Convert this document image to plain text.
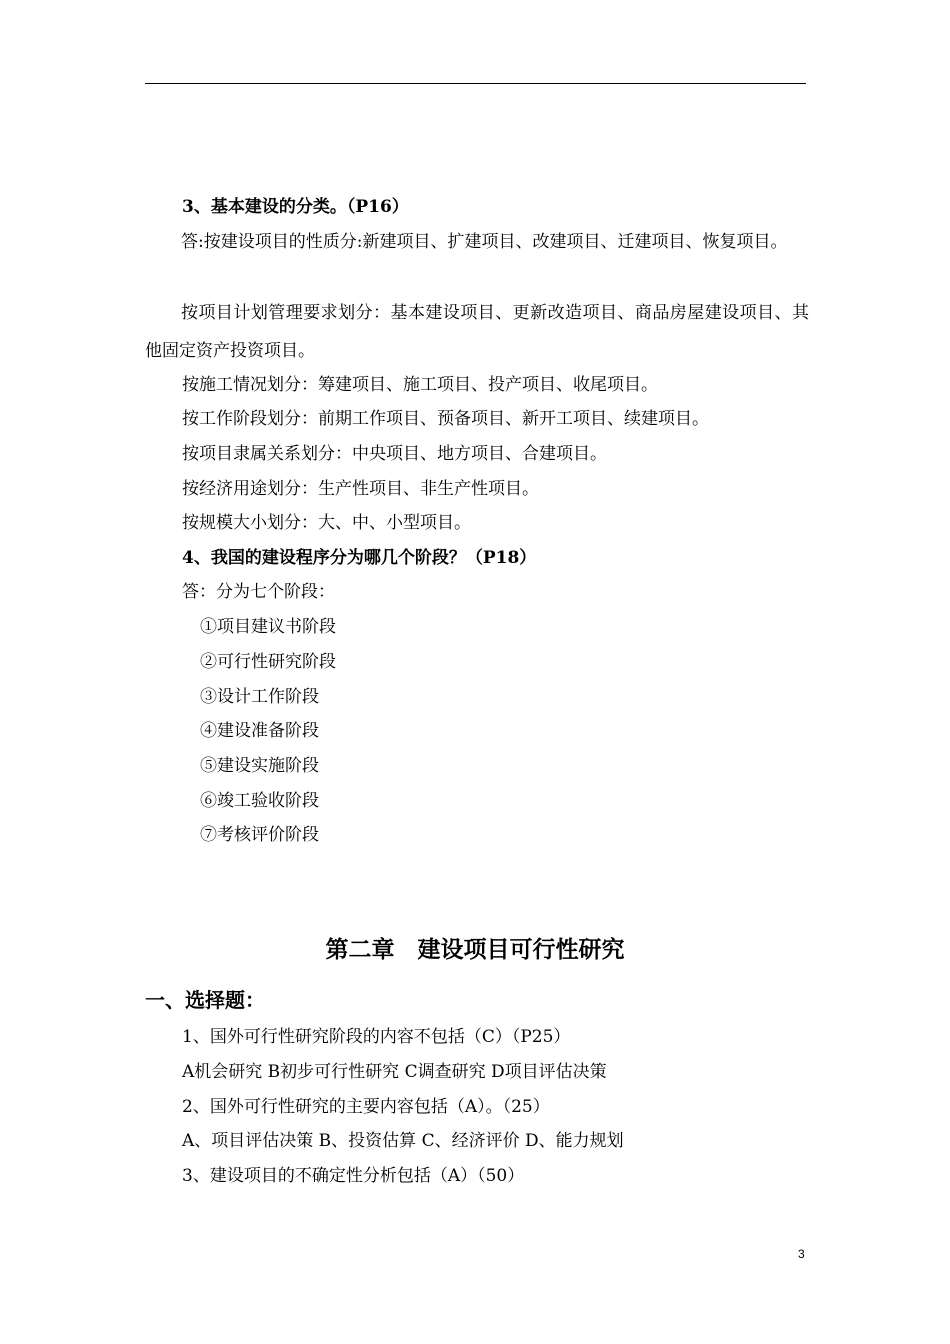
3、基本建设的分类。（P16）
答:按建设项目的性质分:新建项目、扩建项目、改建项目、迁建项目、恢复项目。
按项目计划管理要求划分：基本建设项目、更新改造项目、商品房屋建设项目、其他固定资产投资项目。
按施工情况划分：筹建项目、施工项目、投产项目、收尾项目。
按工作阶段划分：前期工作项目、预备项目、新开工项目、续建项目。
按项目隶属关系划分：中央项目、地方项目、合建项目。
按经济用途划分：生产性项目、非生产性项目。
按规模大小划分：大、中、小型项目。
4、我国的建设程序分为哪几个阶段？（P18）
答：分为七个阶段：
①项目建议书阶段
②可行性研究阶段
③设计工作阶段
④建设准备阶段
⑤建设实施阶段
⑥竣工验收阶段
⑦考核评价阶段
第二章　建设项目可行性研究
一、选择题：
1、国外可行性研究阶段的内容不包括（C）（P25）
A机会研究 B初步可行性研究 C调查研究 D项目评估决策
2、国外可行性研究的主要内容包括（A）。（25）
A、项目评估决策 B、投资估算 C、经济评价 D、能力规划
3、建设项目的不确定性分析包括（A）（50）
3
